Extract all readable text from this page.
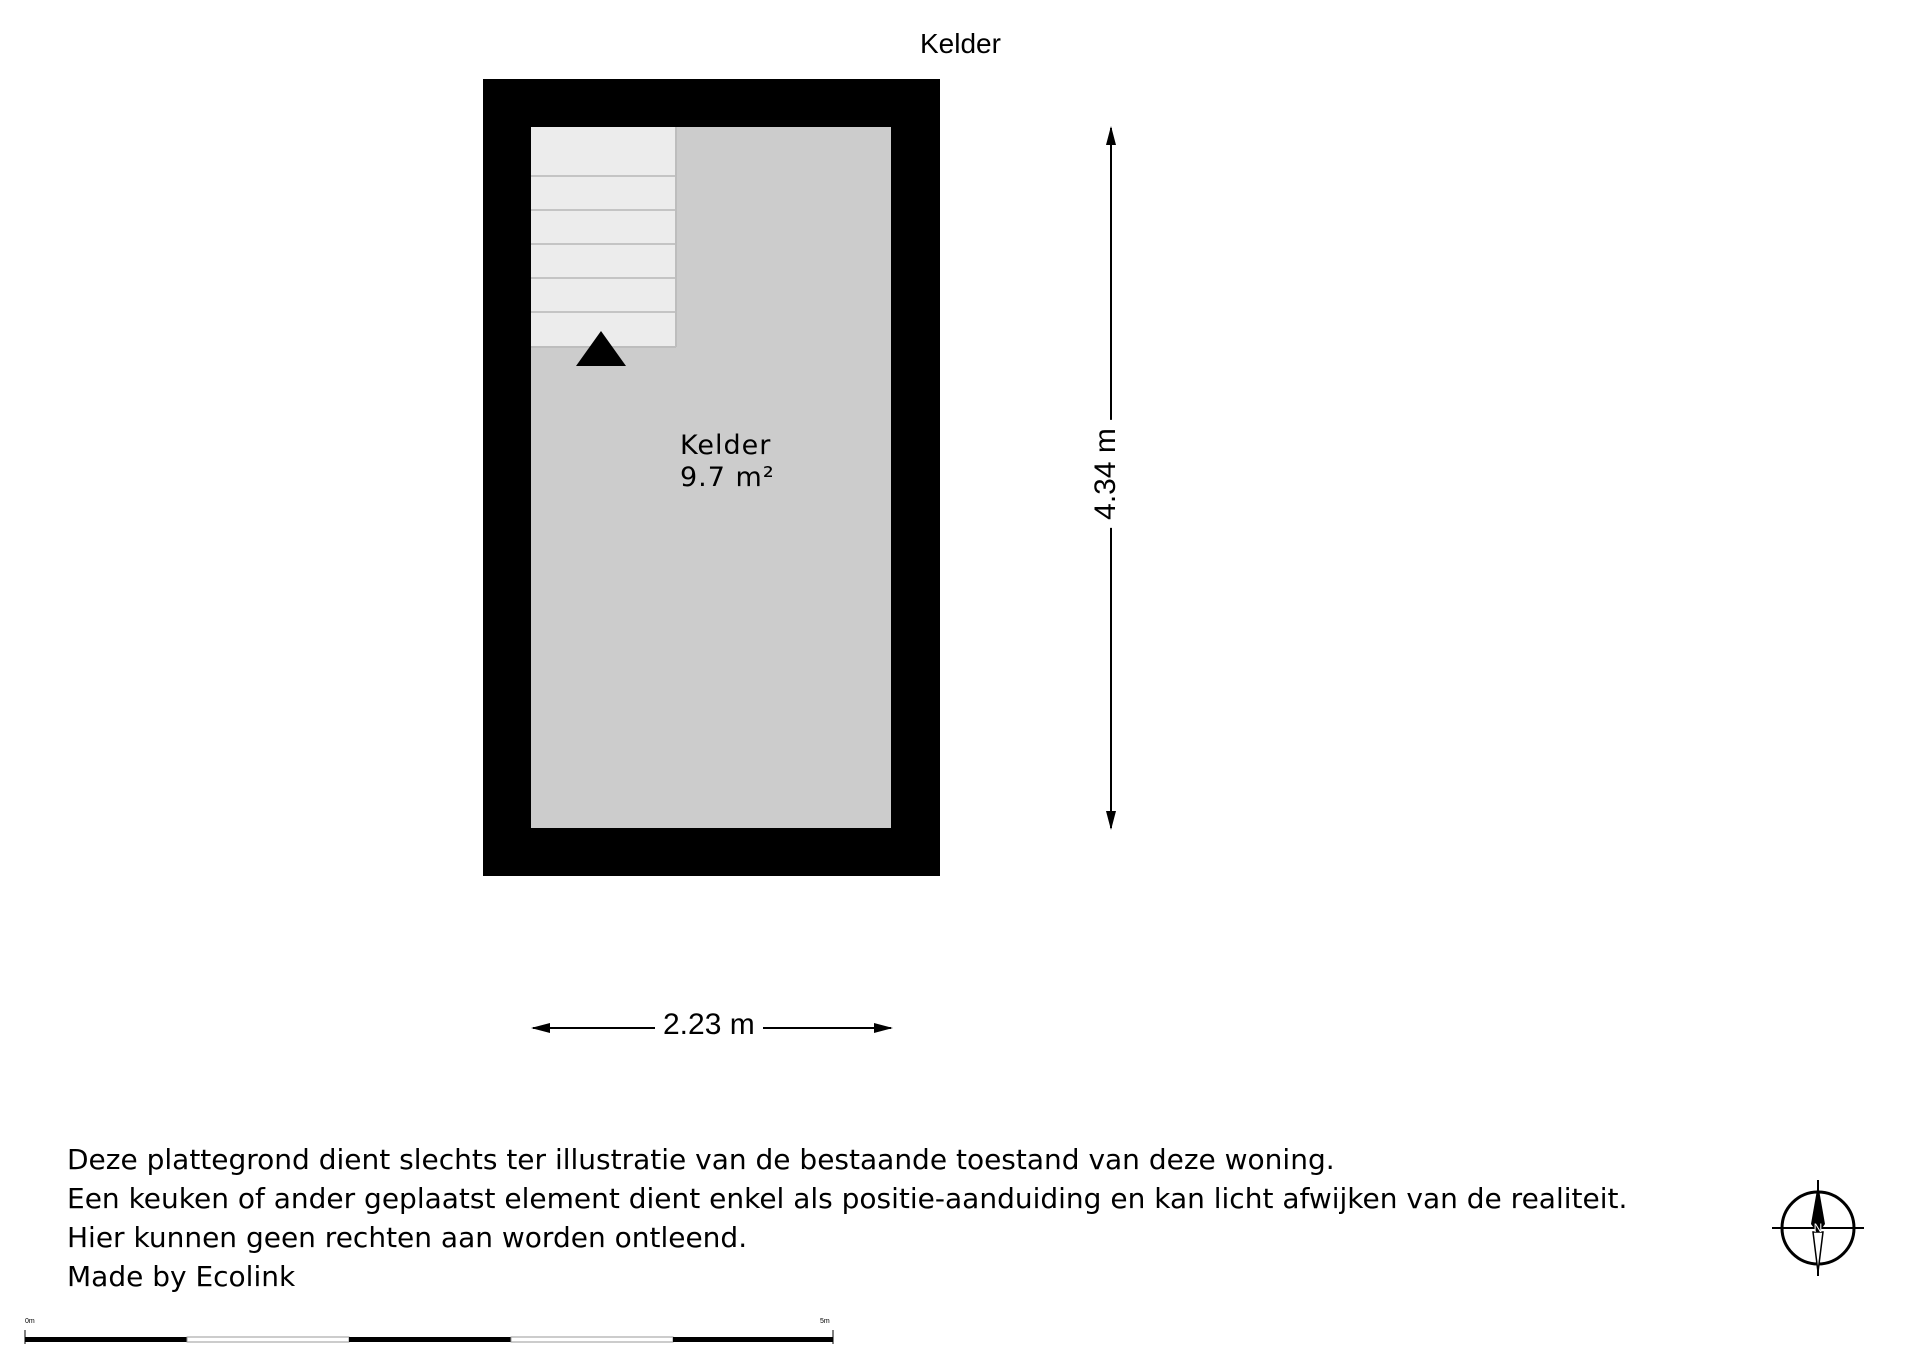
Kelder
N
Kelder
9.7 m²
2.23 m
4.34 m
Deze plattegrond dient slechts ter illustratie van de bestaande toestand van deze woning.
Een keuken of ander geplaatst element dient enkel als positie-aanduiding en kan licht afwijken van de realiteit.
Hier kunnen geen rechten aan worden ontleend.
Made by Ecolink
0m	5m
